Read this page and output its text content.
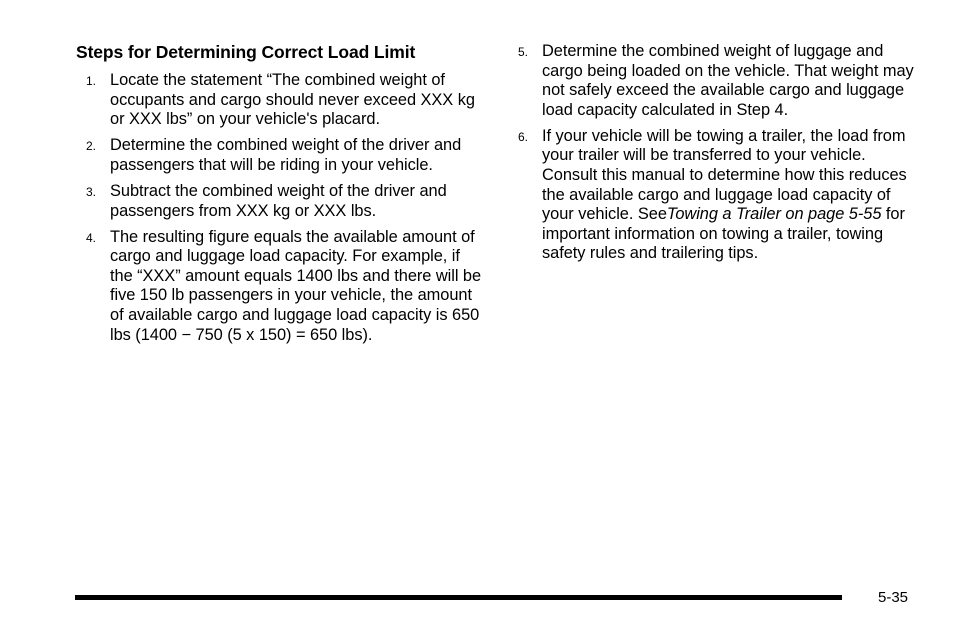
Steps for Determining Correct Load Limit
1. Locate the statement “The combined weight of occupants and cargo should never exceed XXX kg or XXX lbs” on your vehicle's placard.
2. Determine the combined weight of the driver and passengers that will be riding in your vehicle.
3. Subtract the combined weight of the driver and passengers from XXX kg or XXX lbs.
4. The resulting figure equals the available amount of cargo and luggage load capacity. For example, if the “XXX” amount equals 1400 lbs and there will be five 150 lb passengers in your vehicle, the amount of available cargo and luggage load capacity is 650 lbs (1400 − 750 (5 x 150) = 650 lbs).
5. Determine the combined weight of luggage and cargo being loaded on the vehicle. That weight may not safely exceed the available cargo and luggage load capacity calculated in Step 4.
6. If your vehicle will be towing a trailer, the load from your trailer will be transferred to your vehicle. Consult this manual to determine how this reduces the available cargo and luggage load capacity of your vehicle. SeeTowing a Trailer on page 5-55 for important information on towing a trailer, towing safety rules and trailering tips.
5-35
